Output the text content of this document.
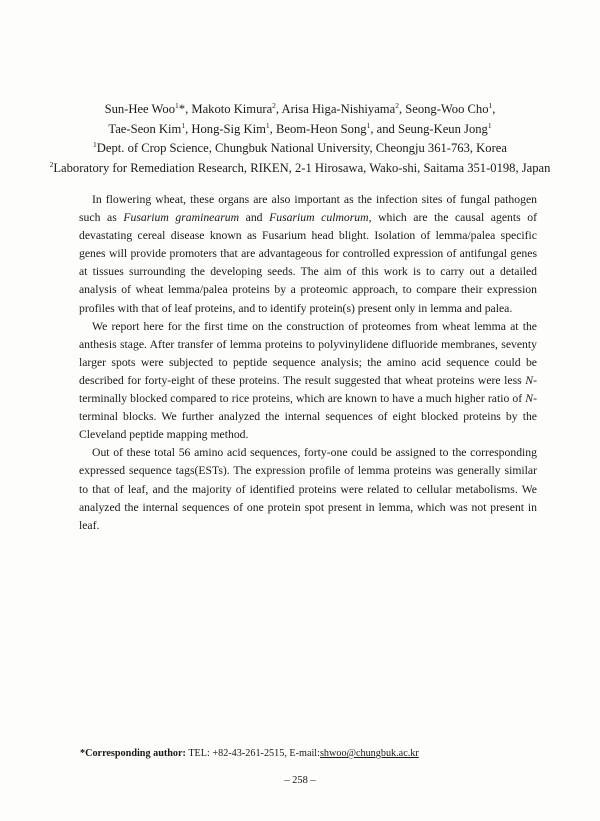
Sun-Hee Woo$^1$*, Makoto Kimura$^2$, Arisa Higa-Nishiyama$^2$, Seong-Woo Cho$^1$,
Tae-Seon Kim$^1$, Hong-Sig Kim$^1$, Beom-Heon Song$^1$, and Seung-Keun Jong$^1$
$^1$Dept. of Crop Science, Chungbuk National University, Cheongju 361-763, Korea
$^2$Laboratory for Remediation Research, RIKEN, 2-1 Hirosawa, Wako-shi, Saitama 351-0198, Japan

In flowering wheat, these organs are also important as the infection sites of fungal pathogen such as Fusarium graminearum and Fusarium culmorum, which are the causal agents of devastating cereal disease known as Fusarium head blight. Isolation of lemma/palea specific genes will provide promoters that are advantageous for controlled expression of antifungal genes at tissues surrounding the developing seeds. The aim of this work is to carry out a detailed analysis of wheat lemma/palea proteins by a proteomic approach, to compare their expression profiles with that of leaf proteins, and to identify protein(s) present only in lemma and palea.

We report here for the first time on the construction of proteomes from wheat lemma at the anthesis stage. After transfer of lemma proteins to polyvinylidene difluoride membranes, seventy larger spots were subjected to peptide sequence analysis; the amino acid sequence could be described for forty-eight of these proteins. The result suggested that wheat proteins were less N-terminally blocked compared to rice proteins, which are known to have a much higher ratio of N-terminal blocks. We further analyzed the internal sequences of eight blocked proteins by the Cleveland peptide mapping method.

Out of these total 56 amino acid sequences, forty-one could be assigned to the corresponding expressed sequence tags(ESTs). The expression profile of lemma proteins was generally similar to that of leaf, and the majority of identified proteins were related to cellular metabolisms. We analyzed the internal sequences of one protein spot present in lemma, which was not present in leaf.

*Corresponding author: TEL: +82-43-261-2515, E-mail:shwoo@chungbuk.ac.kr
– 258 –
